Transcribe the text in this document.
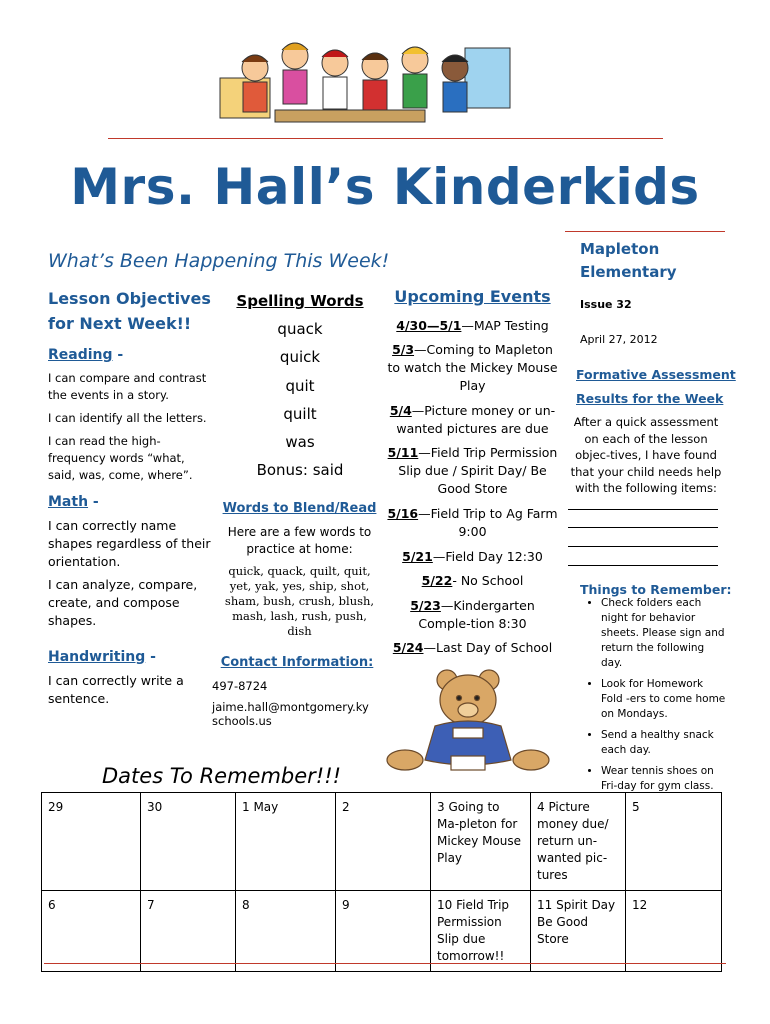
Mrs. Hall’s Kinderkids
What’s Been Happening This Week!
Mapleton
Elementary
Issue 32
April 27, 2012
Lesson Objectives
for Next Week!!
Reading -
I can compare and contrast the events in a story.
I can identify all the letters.
I can read the high-frequency words “what, said, was, come, where”.
Math -
I can correctly name shapes regardless of their orientation.
I can analyze, compare, create, and compose shapes.
Handwriting -
I can correctly write a sentence.
Spelling Words
quack
quick
quit
quilt
was
Bonus: said
Words to Blend/Read
Here are a few words to practice at home:
quick, quack, quilt, quit, yet, yak, yes, ship, shot, sham, bush, crush, blush, mash, lash, rush, push, dish
Contact Information:
497-8724
jaime.hall@montgomery.ky
schools.us
Upcoming Events
4/30—5/1—MAP Testing
5/3—Coming to Mapleton to watch the Mickey Mouse Play
5/4—Picture money or un-wanted pictures are due
5/11—Field Trip Permission Slip due / Spirit Day/ Be Good Store
5/16—Field Trip to Ag Farm 9:00
5/21—Field Day 12:30
5/22- No School
5/23—Kindergarten Comple-tion 8:30
5/24—Last Day of School
Formative Assessment
Results for the Week
After a quick assessment on each of the lesson objec-tives, I have found that your child needs help with the following items:
Things to Remember:
• Check folders each night for behavior sheets. Please sign and return the following day.
• Look for Homework Fold -ers to come home on Mondays.
• Send a healthy snack each day.
• Wear tennis shoes on Fri-day for gym class.
Dates To Remember!!!
29	30	1 May	2	3 Going to Ma-pleton for Mickey Mouse Play	4 Picture money due/ return un-wanted pic-tures	5
6	7	8	9	10 Field Trip Permission Slip due tomorrow!!	11 Spirit Day Be Good Store	12
